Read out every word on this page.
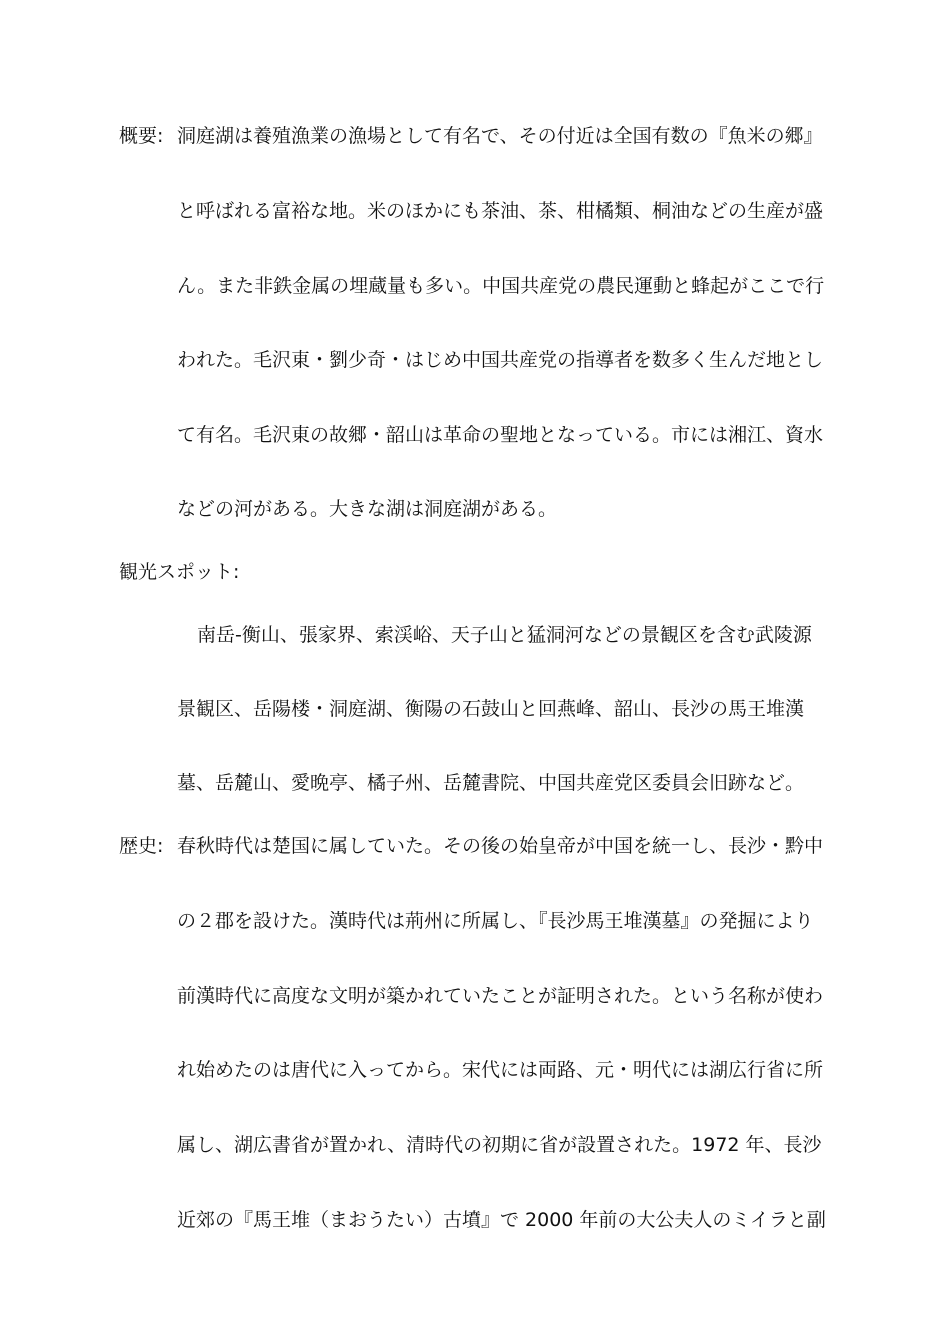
概要: 洞庭湖は養殖漁業の漁場として有名で、その付近は全国有数の『魚米の郷』
と呼ばれる富裕な地。米のほかにも茶油、茶、柑橘類、桐油などの生産が盛
ん。また非鉄金属の埋蔵量も多い。中国共産党の農民運動と蜂起がここで行
われた。毛沢東・劉少奇・はじめ中国共産党の指導者を数多く生んだ地とし
て有名。毛沢東の故郷・韶山は革命の聖地となっている。市には湘江、資水
などの河がある。大きな湖は洞庭湖がある。
観光スポット:
南岳-衡山、張家界、索渓峪、天子山と猛洞河などの景観区を含む武陵源
景観区、岳陽楼・洞庭湖、衡陽の石鼓山と回燕峰、韶山、長沙の馬王堆漢
墓、岳麓山、愛晩亭、橘子州、岳麓書院、中国共産党区委員会旧跡など。
歴史: 春秋時代は楚国に属していた。その後の始皇帝が中国を統一し、長沙・黔中
の２郡を設けた。漢時代は荊州に所属し、『長沙馬王堆漢墓』の発掘により
前漢時代に高度な文明が築かれていたことが証明された。という名称が使わ
れ始めたのは唐代に入ってから。宋代には両路、元・明代には湖広行省に所
属し、湖広書省が置かれ、清時代の初期に省が設置された。1972 年、長沙
近郊の『馬王堆（まおうたい）古墳』で 2000 年前の大公夫人のミイラと副
